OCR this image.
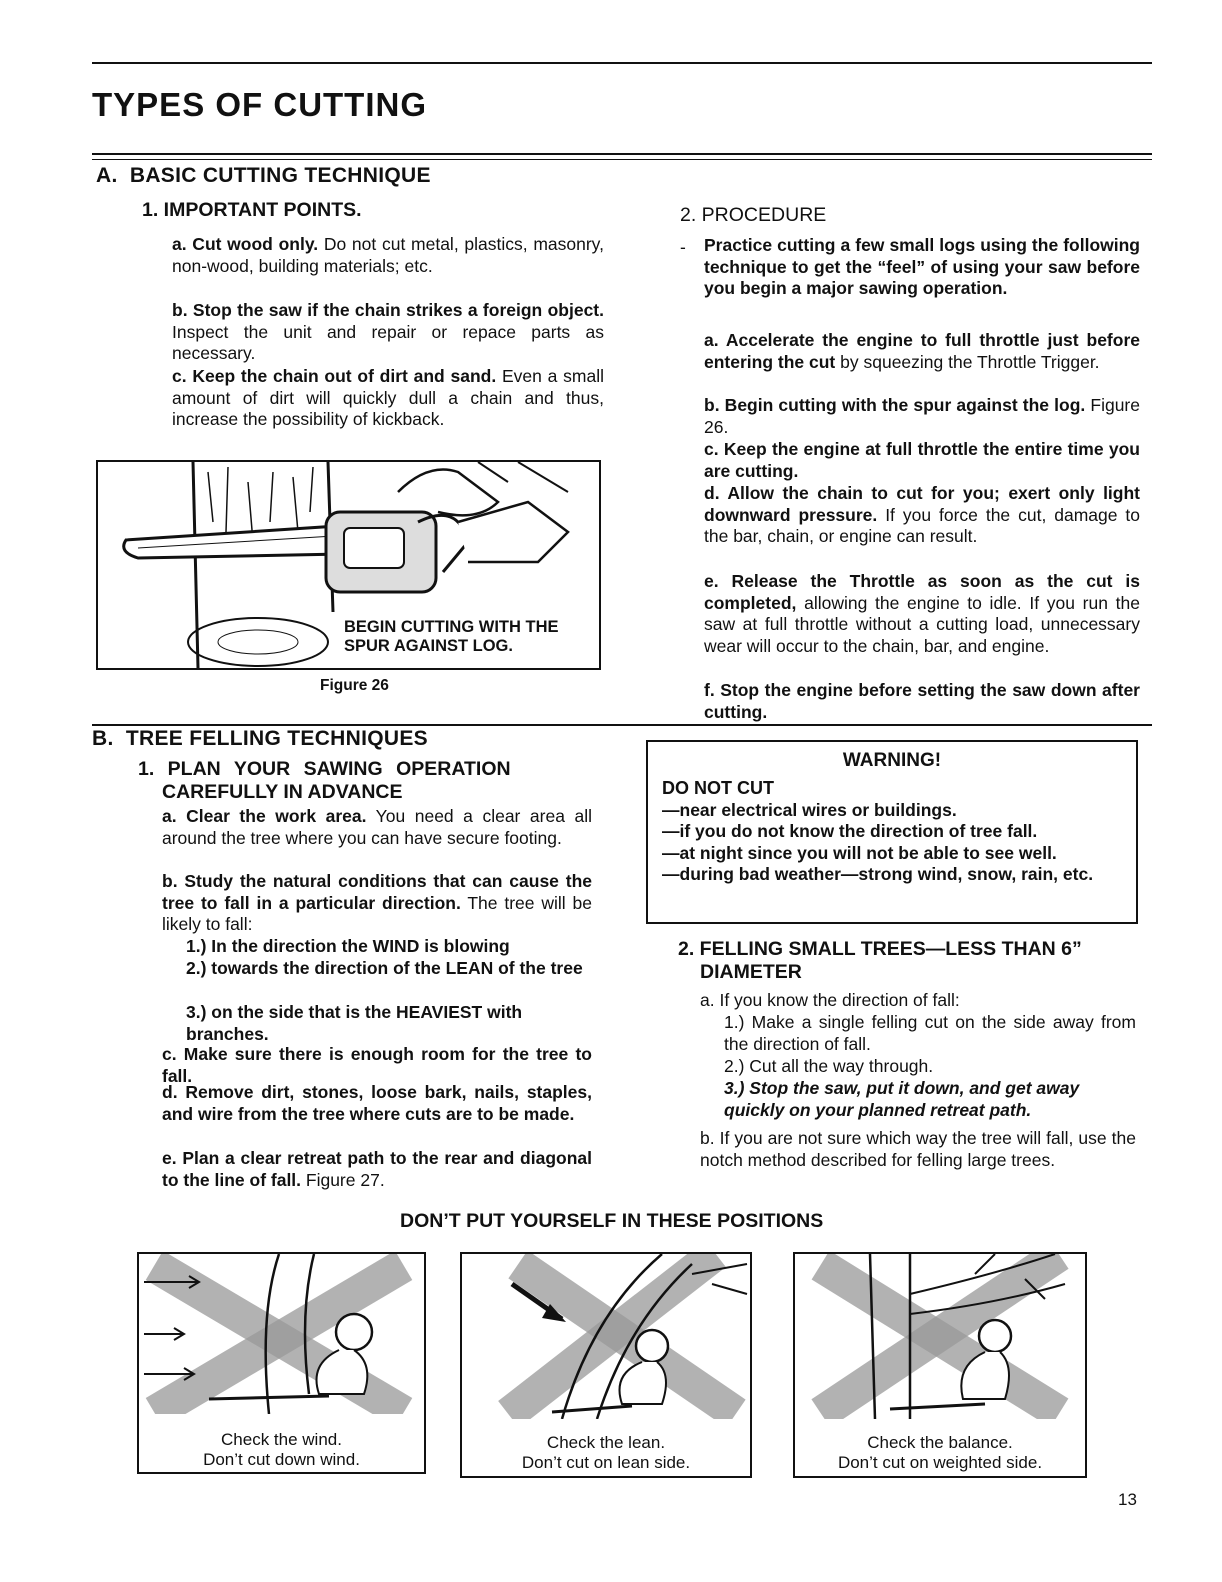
TYPES OF CUTTING
A.  BASIC CUTTING TECHNIQUE
1. IMPORTANT POINTS.
a. Cut wood only. Do not cut metal, plastics, masonry, non-wood, building materials; etc.
b. Stop the saw if the chain strikes a foreign object. Inspect the unit and repair or repace parts as necessary.
c. Keep the chain out of dirt and sand. Even a small amount of dirt will quickly dull a chain and thus, increase the possibility of kickback.
BEGIN CUTTING WITH THE
SPUR AGAINST LOG.
Figure 26
2. PROCEDURE
- Practice cutting a few small logs using the following technique to get the “feel” of using your saw before you begin a major sawing operation.
a. Accelerate the engine to full throttle just before entering the cut by squeezing the Throttle Trigger.
b. Begin cutting with the spur against the log. Figure 26.
c. Keep the engine at full throttle the entire time you are cutting.
d. Allow the chain to cut for you; exert only light downward pressure. If you force the cut, damage to the bar, chain, or engine can result.
e. Release the Throttle as soon as the cut is completed, allowing the engine to idle. If you run the saw at full throttle without a cutting load, unnecessary wear will occur to the chain, bar, and engine.
f. Stop the engine before setting the saw down after cutting.
B.  TREE FELLING TECHNIQUES
1. PLAN YOUR SAWING OPERATION
CAREFULLY IN ADVANCE
a. Clear the work area. You need a clear area all around the tree where you can have secure footing.
b. Study the natural conditions that can cause the tree to fall in a particular direction. The tree will be likely to fall:
1.) In the direction the WIND is blowing
2.) towards the direction of the LEAN of the tree
3.) on the side that is the HEAVIEST with branches.
c. Make sure there is enough room for the tree to fall.
d. Remove dirt, stones, loose bark, nails, staples, and wire from the tree where cuts are to be made.
e. Plan a clear retreat path to the rear and diagonal to the line of fall. Figure 27.
WARNING!
DO NOT CUT
—near electrical wires or buildings.
—if you do not know the direction of tree fall.
—at night since you will not be able to see well.
—during bad weather—strong wind, snow, rain, etc.
2. FELLING SMALL TREES—LESS THAN 6”
DIAMETER
a. If you know the direction of fall:
1.) Make a single felling cut on the side away from the direction of fall.
2.) Cut all the way through.
3.) Stop the saw, put it down, and get away quickly on your planned retreat path.
b. If you are not sure which way the tree will fall, use the notch method described for felling large trees.
DON’T PUT YOURSELF IN THESE POSITIONS
Check the wind.
Don’t cut down wind.
Check the lean.
Don’t cut on lean side.
Check the balance.
Don’t cut on weighted side.
13
